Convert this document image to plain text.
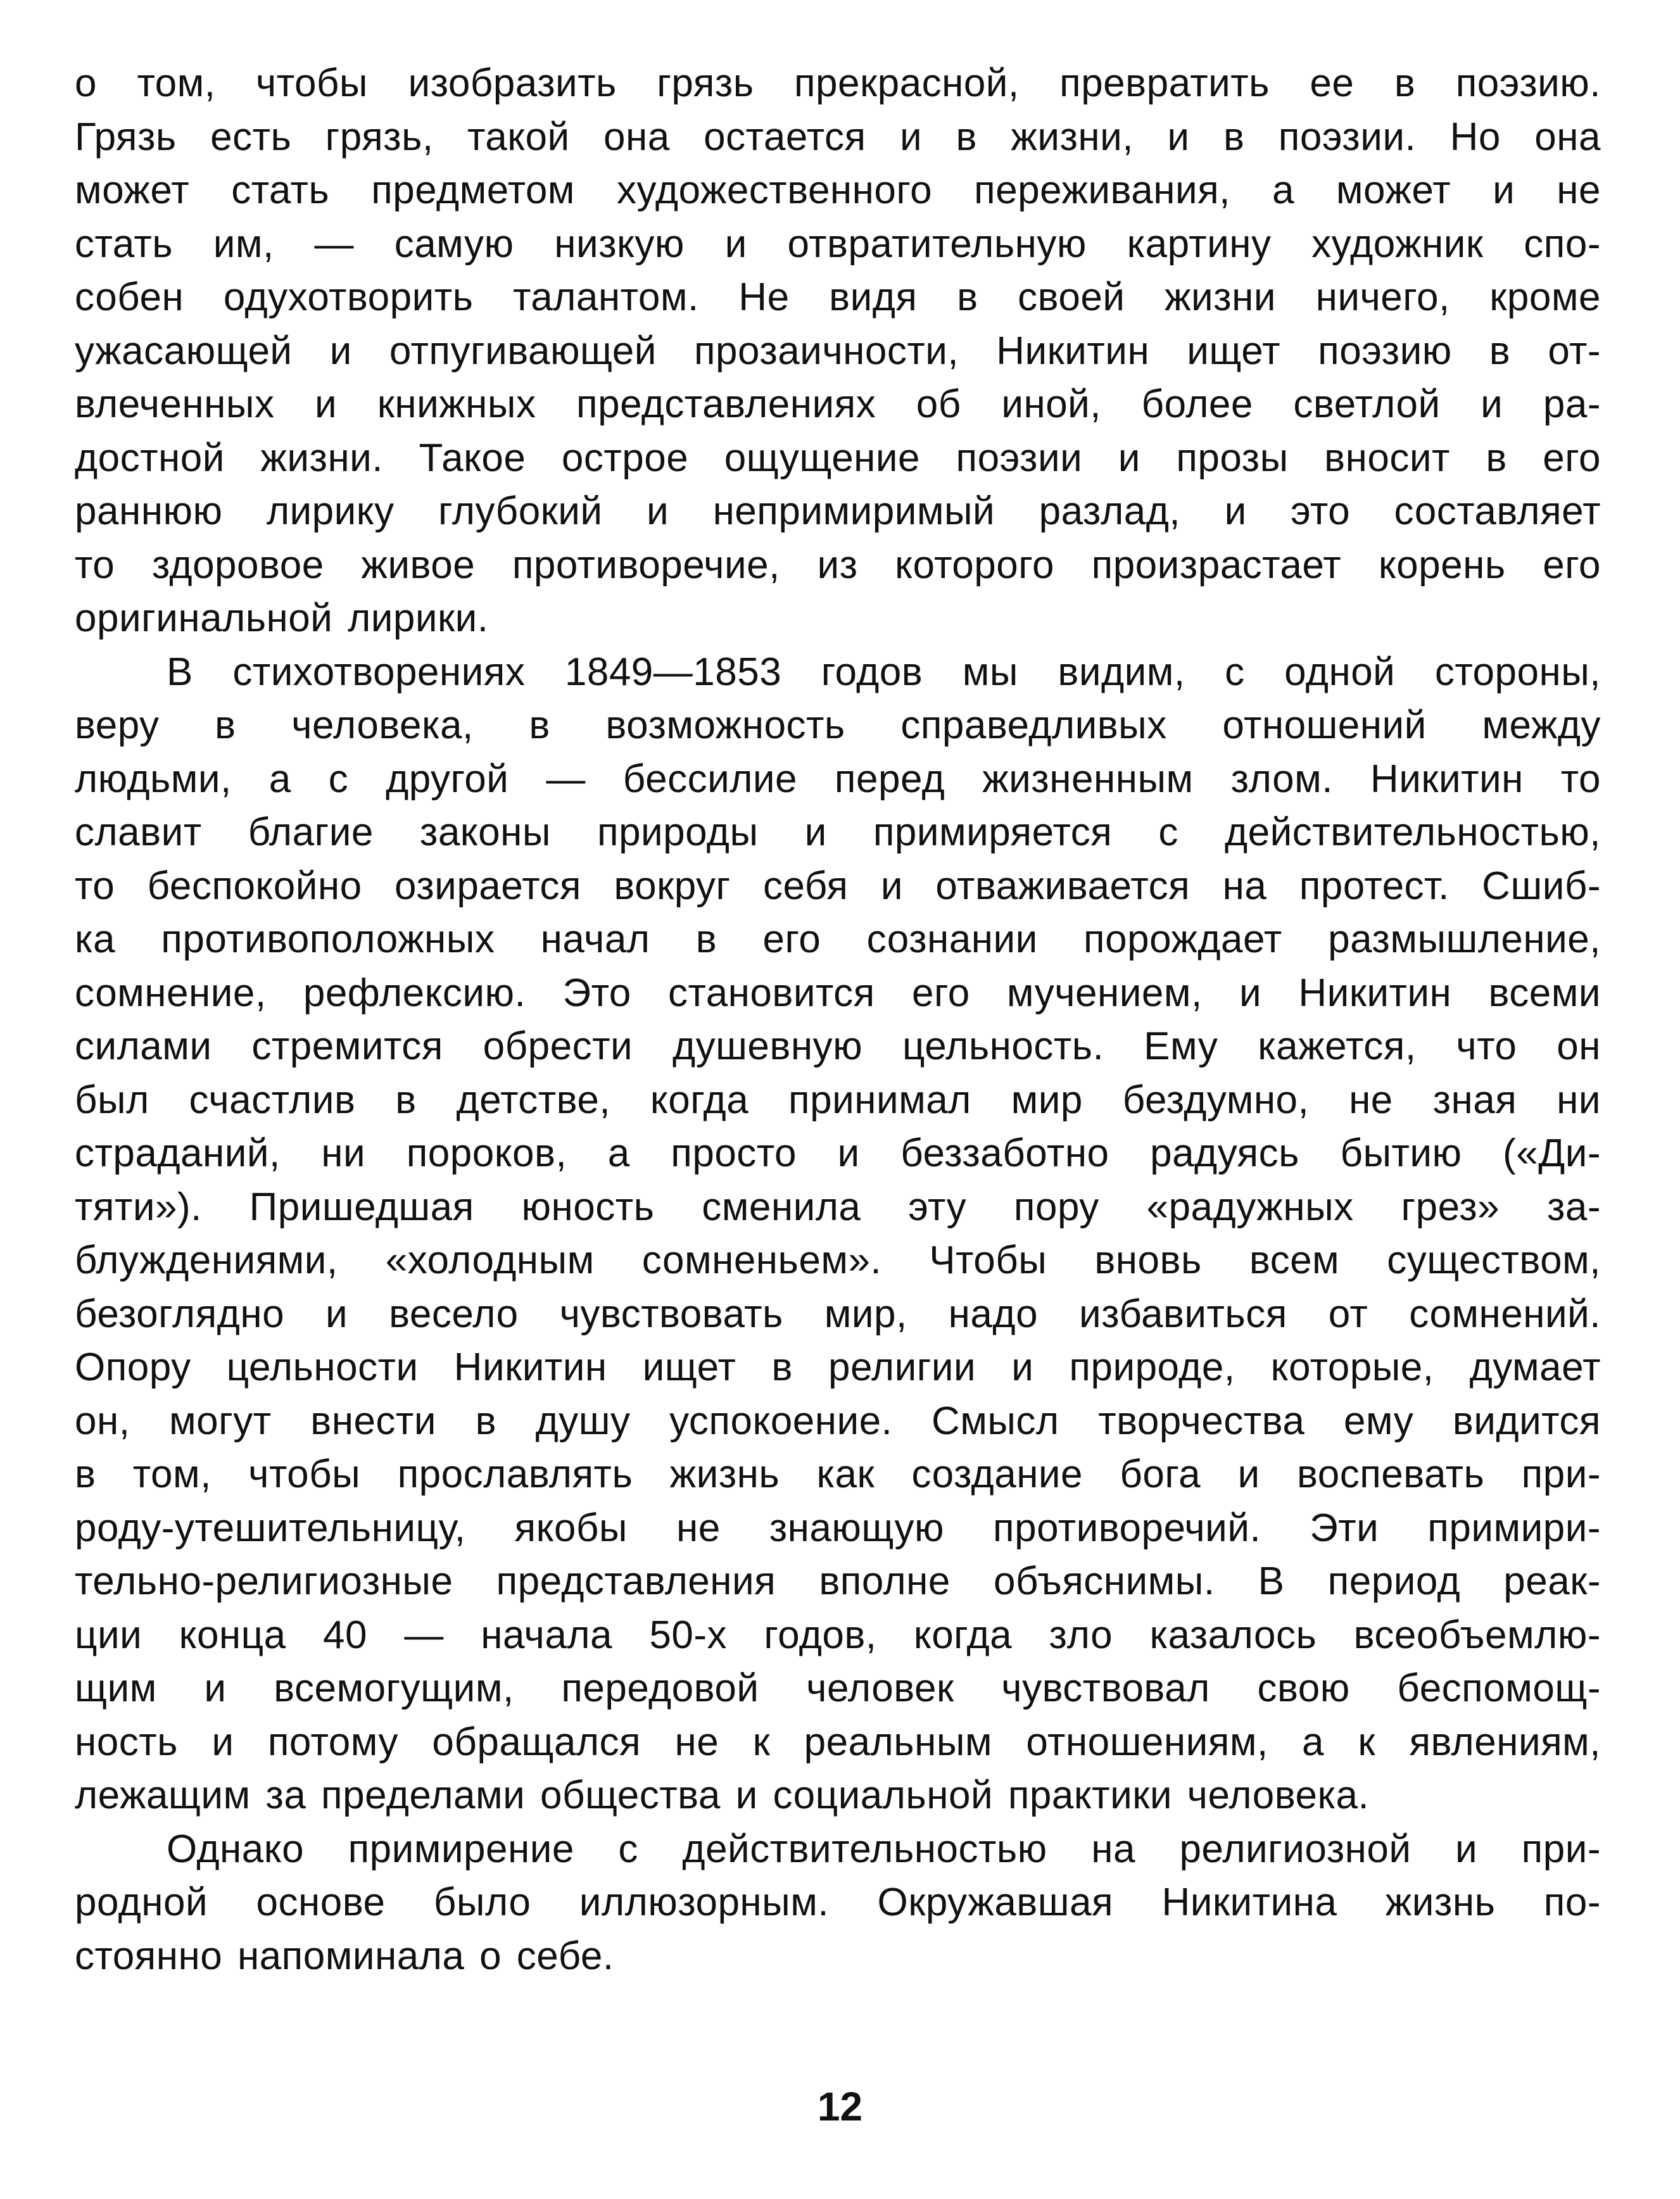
о том, чтобы изобразить грязь прекрасной, превратить ее в поэзию.
Грязь есть грязь, такой она остается и в жизни, и в поэзии. Но она
может стать предметом художественного переживания, а может и не
стать им, — самую низкую и отвратительную картину художник спо-
собен одухотворить талантом. Не видя в своей жизни ничего, кроме
ужасающей и отпугивающей прозаичности, Никитин ищет поэзию в от-
влеченных и книжных представлениях об иной, более светлой и ра-
достной жизни. Такое острое ощущение поэзии и прозы вносит в его
раннюю лирику глубокий и непримиримый разлад, и это составляет
то здоровое живое противоречие, из которого произрастает корень его
оригинальной лирики.
В стихотворениях 1849—1853 годов мы видим, с одной стороны,
веру в человека, в возможность справедливых отношений между
людьми, а с другой — бессилие перед жизненным злом. Никитин то
славит благие законы природы и примиряется с действительностью,
то беспокойно озирается вокруг себя и отваживается на протест. Сшиб-
ка противоположных начал в его сознании порождает размышление,
сомнение, рефлексию. Это становится его мучением, и Никитин всеми
силами стремится обрести душевную цельность. Ему кажется, что он
был счастлив в детстве, когда принимал мир бездумно, не зная ни
страданий, ни пороков, а просто и беззаботно радуясь бытию («Ди-
тяти»). Пришедшая юность сменила эту пору «радужных грез» за-
блуждениями, «холодным сомненьем». Чтобы вновь всем существом,
безоглядно и весело чувствовать мир, надо избавиться от сомнений.
Опору цельности Никитин ищет в религии и природе, которые, думает
он, могут внести в душу успокоение. Смысл творчества ему видится
в том, чтобы прославлять жизнь как создание бога и воспевать при-
роду-утешительницу, якобы не знающую противоречий. Эти примири-
тельно-религиозные представления вполне объяснимы. В период реак-
ции конца 40 — начала 50-х годов, когда зло казалось всеобъемлю-
щим и всемогущим, передовой человек чувствовал свою беспомощ-
ность и потому обращался не к реальным отношениям, а к явлениям,
лежащим за пределами общества и социальной практики человека.
Однако примирение с действительностью на религиозной и при-
родной основе было иллюзорным. Окружавшая Никитина жизнь по-
стоянно напоминала о себе.
12
